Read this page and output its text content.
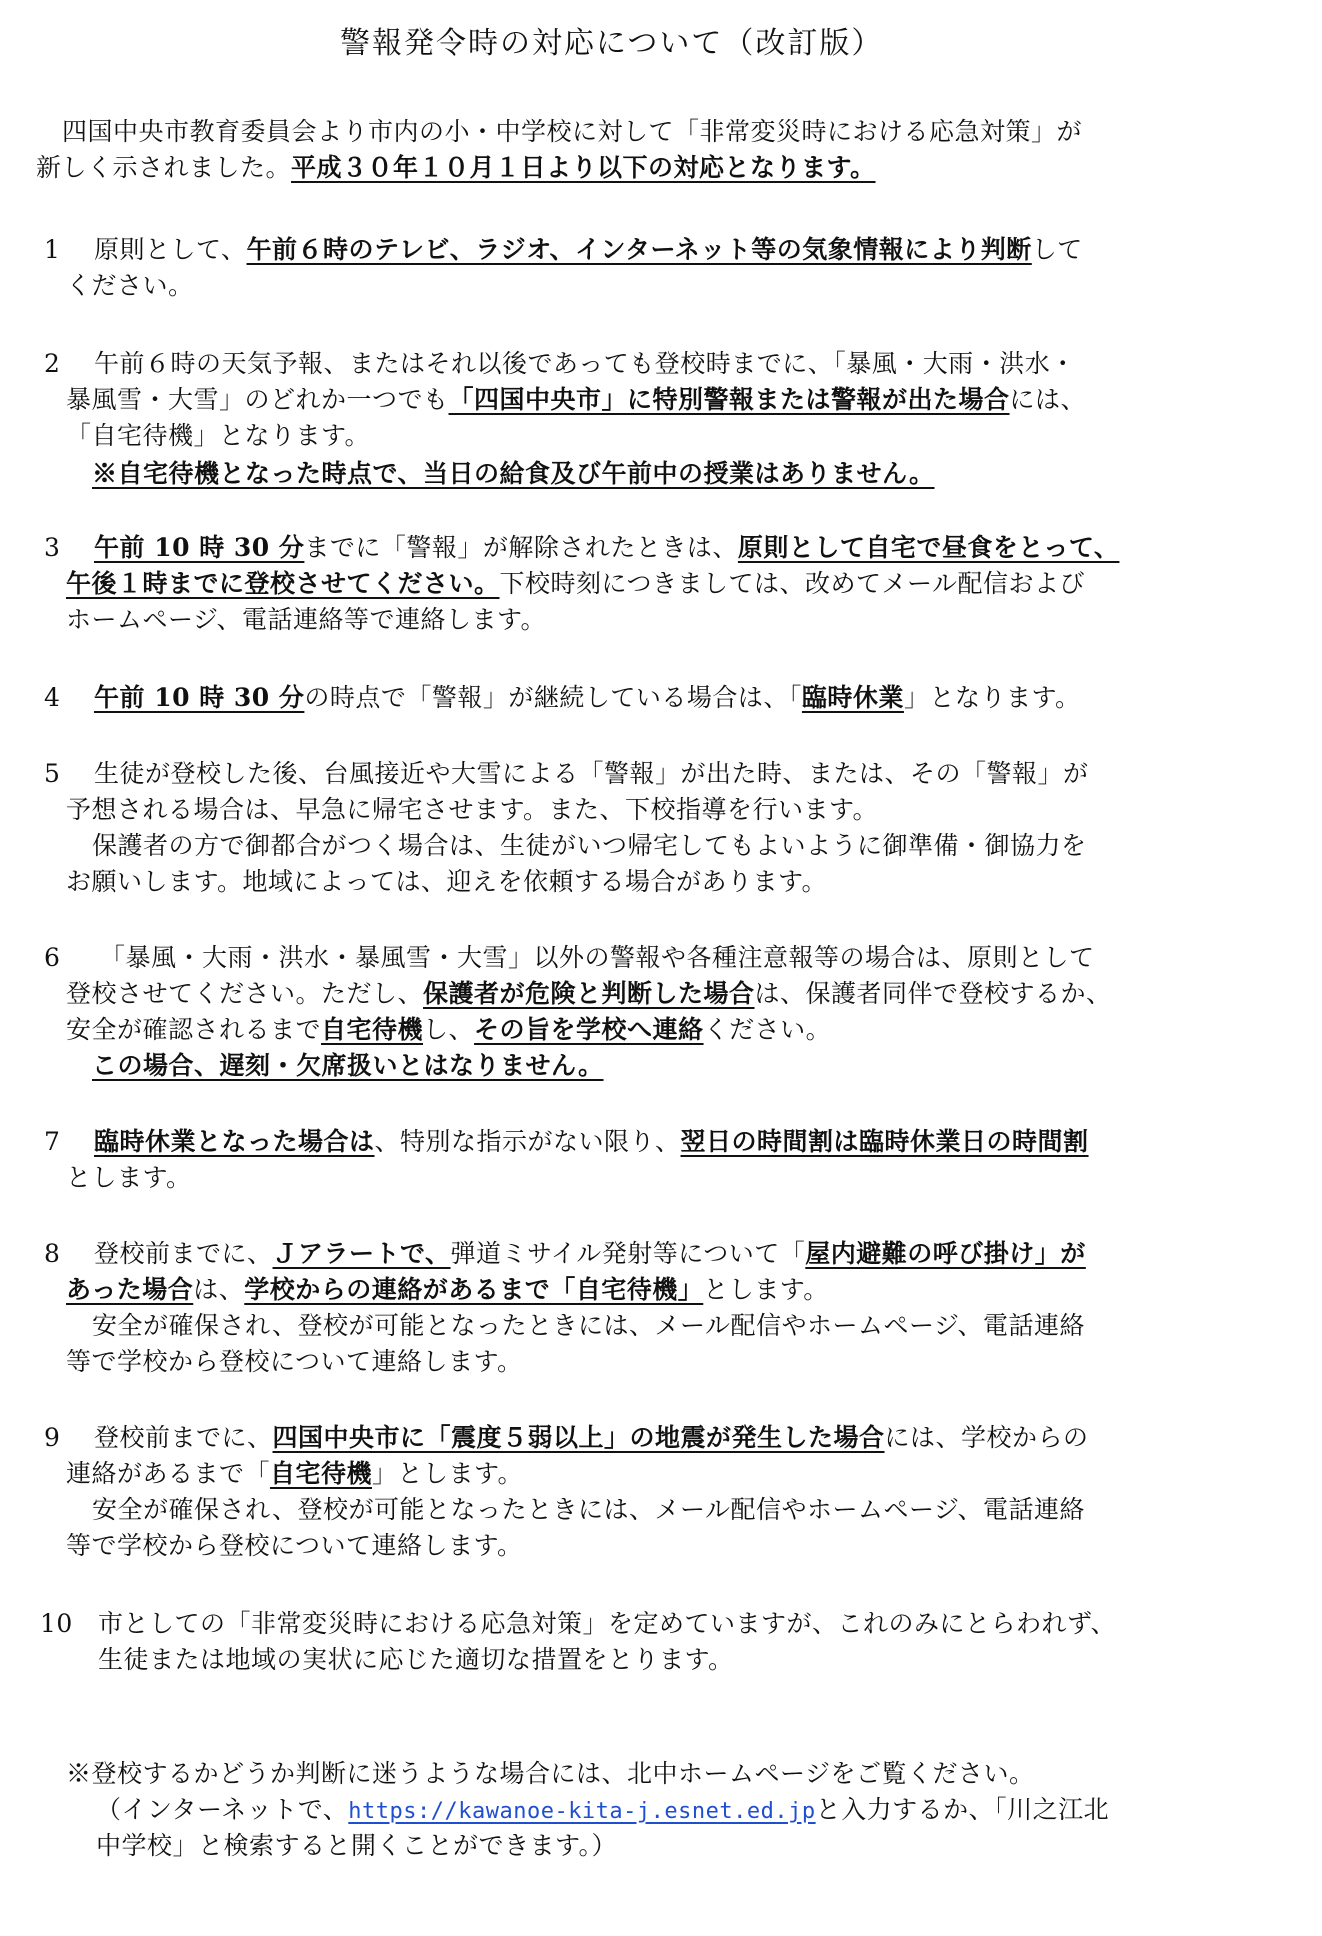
警報発令時の対応について（改訂版）
四国中央市教育委員会より市内の小・中学校に対して「非常変災時における応急対策」が
新しく示されました。平成３０年１０月１日より以下の対応となります。
1 原則として、午前６時のテレビ、ラジオ、インターネット等の気象情報により判断して
ください。
2 午前６時の天気予報、またはそれ以後であっても登校時までに、「暴風・大雨・洪水・
暴風雪・大雪」のどれか一つでも「四国中央市」に特別警報または警報が出た場合には、
「自宅待機」となります。
※自宅待機となった時点で、当日の給食及び午前中の授業はありません。
3 午前 10 時 30 分までに「警報」が解除されたときは、原則として自宅で昼食をとって、
午後１時までに登校させてください。下校時刻につきましては、改めてメール配信および
ホームページ、電話連絡等で連絡します。
4 午前 10 時 30 分の時点で「警報」が継続している場合は、「臨時休業」となります。
5 生徒が登校した後、台風接近や大雪による「警報」が出た時、または、その「警報」が
予想される場合は、早急に帰宅させます。また、下校指導を行います。
保護者の方で御都合がつく場合は、生徒がいつ帰宅してもよいように御準備・御協力を
お願いします。地域によっては、迎えを依頼する場合があります。
6 「暴風・大雨・洪水・暴風雪・大雪」以外の警報や各種注意報等の場合は、原則として
登校させてください。ただし、保護者が危険と判断した場合は、保護者同伴で登校するか、
安全が確認されるまで自宅待機し、その旨を学校へ連絡ください。
この場合、遅刻・欠席扱いとはなりません。
7 臨時休業となった場合は、特別な指示がない限り、翌日の時間割は臨時休業日の時間割
とします。
8 登校前までに、Ｊアラートで、弾道ミサイル発射等について「屋内避難の呼び掛け」が
あった場合は、学校からの連絡があるまで「自宅待機」とします。
安全が確保され、登校が可能となったときには、メール配信やホームページ、電話連絡
等で学校から登校について連絡します。
9 登校前までに、四国中央市に「震度５弱以上」の地震が発生した場合には、学校からの
連絡があるまで「自宅待機」とします。
安全が確保され、登校が可能となったときには、メール配信やホームページ、電話連絡
等で学校から登校について連絡します。
10 市としての「非常変災時における応急対策」を定めていますが、これのみにとらわれず、
生徒または地域の実状に応じた適切な措置をとります。
※登校するかどうか判断に迷うような場合には、北中ホームページをご覧ください。
（インターネットで、https://kawanoe-kita-j.esnet.ed.jpと入力するか、「川之江北
中学校」と検索すると開くことができます。）
